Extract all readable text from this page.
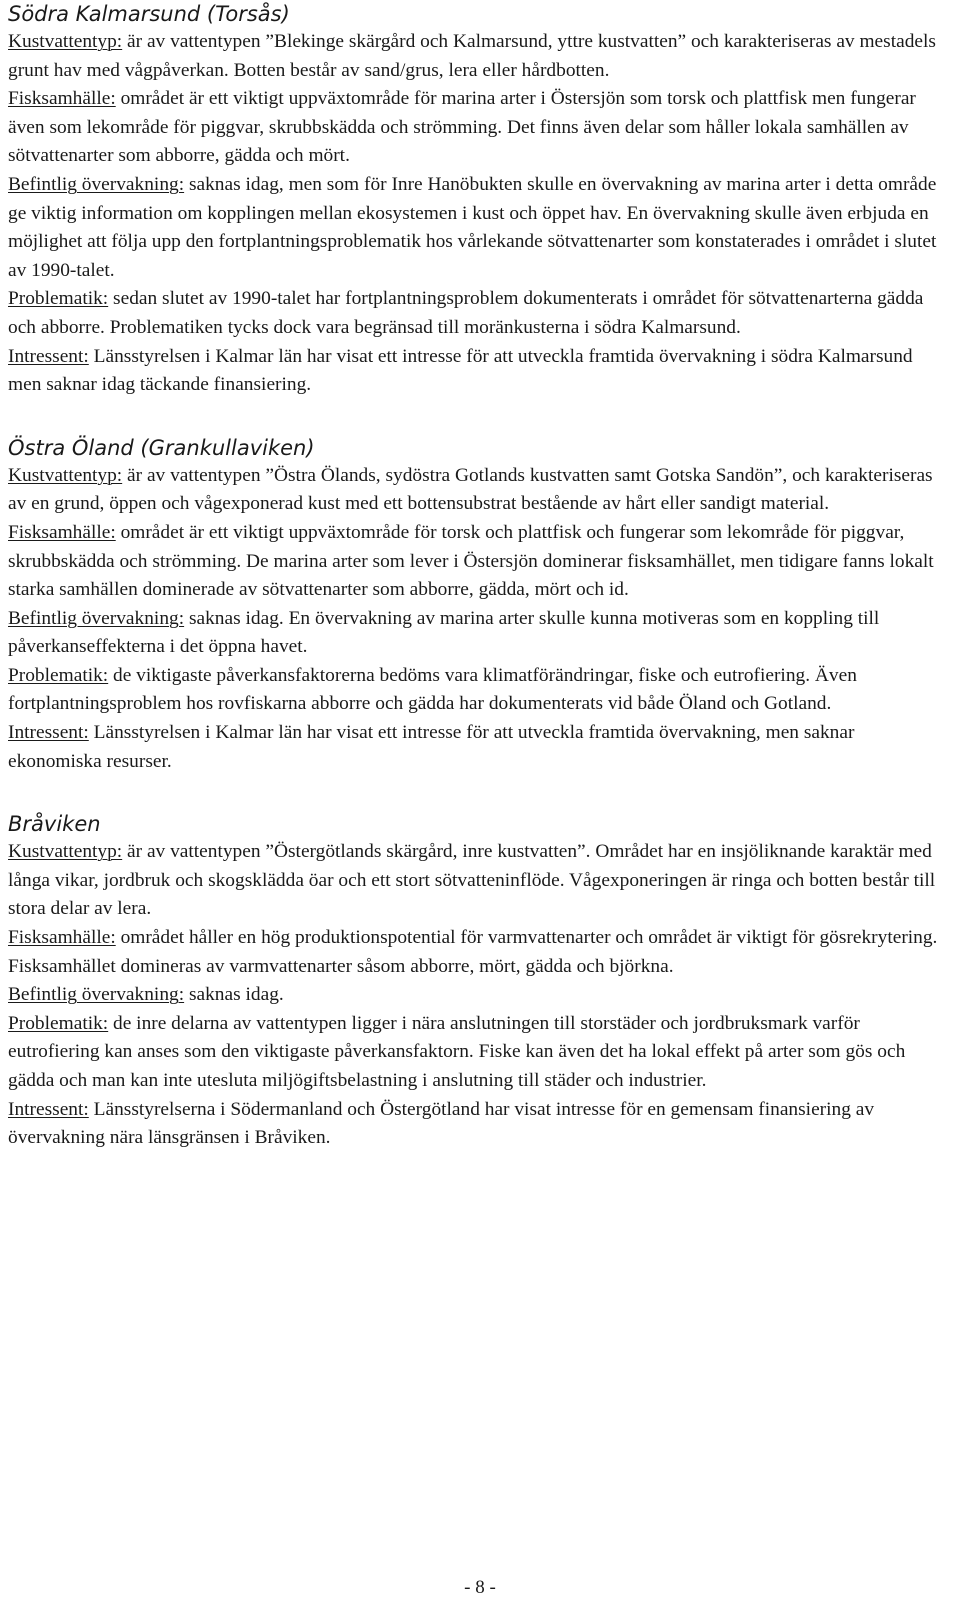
Södra Kalmarsund (Torsås)

Kustvattentyp: är av vattentypen ”Blekinge skärgård och Kalmarsund, yttre kustvatten” och karakteriseras av mestadels grunt hav med vågpåverkan. Botten består av sand/grus, lera eller hårdbotten.

Fisksamhälle: området är ett viktigt uppväxtområde för marina arter i Östersjön som torsk och plattfisk men fungerar även som lekområde för piggvar, skrubbskädda och strömming. Det finns även delar som håller lokala samhällen av sötvattenarter som abborre, gädda och mört.

Befintlig övervakning: saknas idag, men som för Inre Hanöbukten skulle en övervakning av marina arter i detta område ge viktig information om kopplingen mellan ekosystemen i kust och öppet hav. En övervakning skulle även erbjuda en möjlighet att följa upp den fortplantningsproblematik hos vårlekande sötvattenarter som konstaterades i området i slutet av 1990-talet.

Problematik: sedan slutet av 1990-talet har fortplantningsproblem dokumenterats i området för sötvattenarterna gädda och abborre. Problematiken tycks dock vara begränsad till moränkusterna i södra Kalmarsund.

Intressent: Länsstyrelsen i Kalmar län har visat ett intresse för att utveckla framtida övervakning i södra Kalmarsund men saknar idag täckande finansiering.

Östra Öland (Grankullaviken)

Kustvattentyp: är av vattentypen ”Östra Ölands, sydöstra Gotlands kustvatten samt Gotska Sandön”, och karakteriseras av en grund, öppen och vågexponerad kust med ett bottensubstrat bestående av hårt eller sandigt material.

Fisksamhälle: området är ett viktigt uppväxtområde för torsk och plattfisk och fungerar som lekområde för piggvar, skrubbskädda och strömming. De marina arter som lever i Östersjön dominerar fisksamhället, men tidigare fanns lokalt starka samhällen dominerade av sötvattenarter som abborre, gädda, mört och id.

Befintlig övervakning: saknas idag. En övervakning av marina arter skulle kunna motiveras som en koppling till påverkanseffekterna i det öppna havet.

Problematik: de viktigaste påverkansfaktorerna bedöms vara klimatförändringar, fiske och eutrofiering. Även fortplantningsproblem hos rovfiskarna abborre och gädda har dokumenterats vid både Öland och Gotland.

Intressent: Länsstyrelsen i Kalmar län har visat ett intresse för att utveckla framtida övervakning, men saknar ekonomiska resurser.

Bråviken

Kustvattentyp: är av vattentypen ”Östergötlands skärgård, inre kustvatten”. Området har en insjöliknande karaktär med långa vikar, jordbruk och skogsklädda öar och ett stort sötvatteninflöde. Vågexponeringen är ringa och botten består till stora delar av lera.

Fisksamhälle: området håller en hög produktionspotential för varmvattenarter och området är viktigt för gösrekrytering. Fisksamhället domineras av varmvattenarter såsom abborre, mört, gädda och björkna.

Befintlig övervakning: saknas idag.

Problematik: de inre delarna av vattentypen ligger i nära anslutningen till storstäder och jordbruksmark varför eutrofiering kan anses som den viktigaste påverkansfaktorn. Fiske kan även det ha lokal effekt på arter som gös och gädda och man kan inte utesluta miljögiftsbelastning i anslutning till städer och industrier.

Intressent: Länsstyrelserna i Södermanland och Östergötland har visat intresse för en gemensam finansiering av övervakning nära länsgränsen i Bråviken.

- 8 -
